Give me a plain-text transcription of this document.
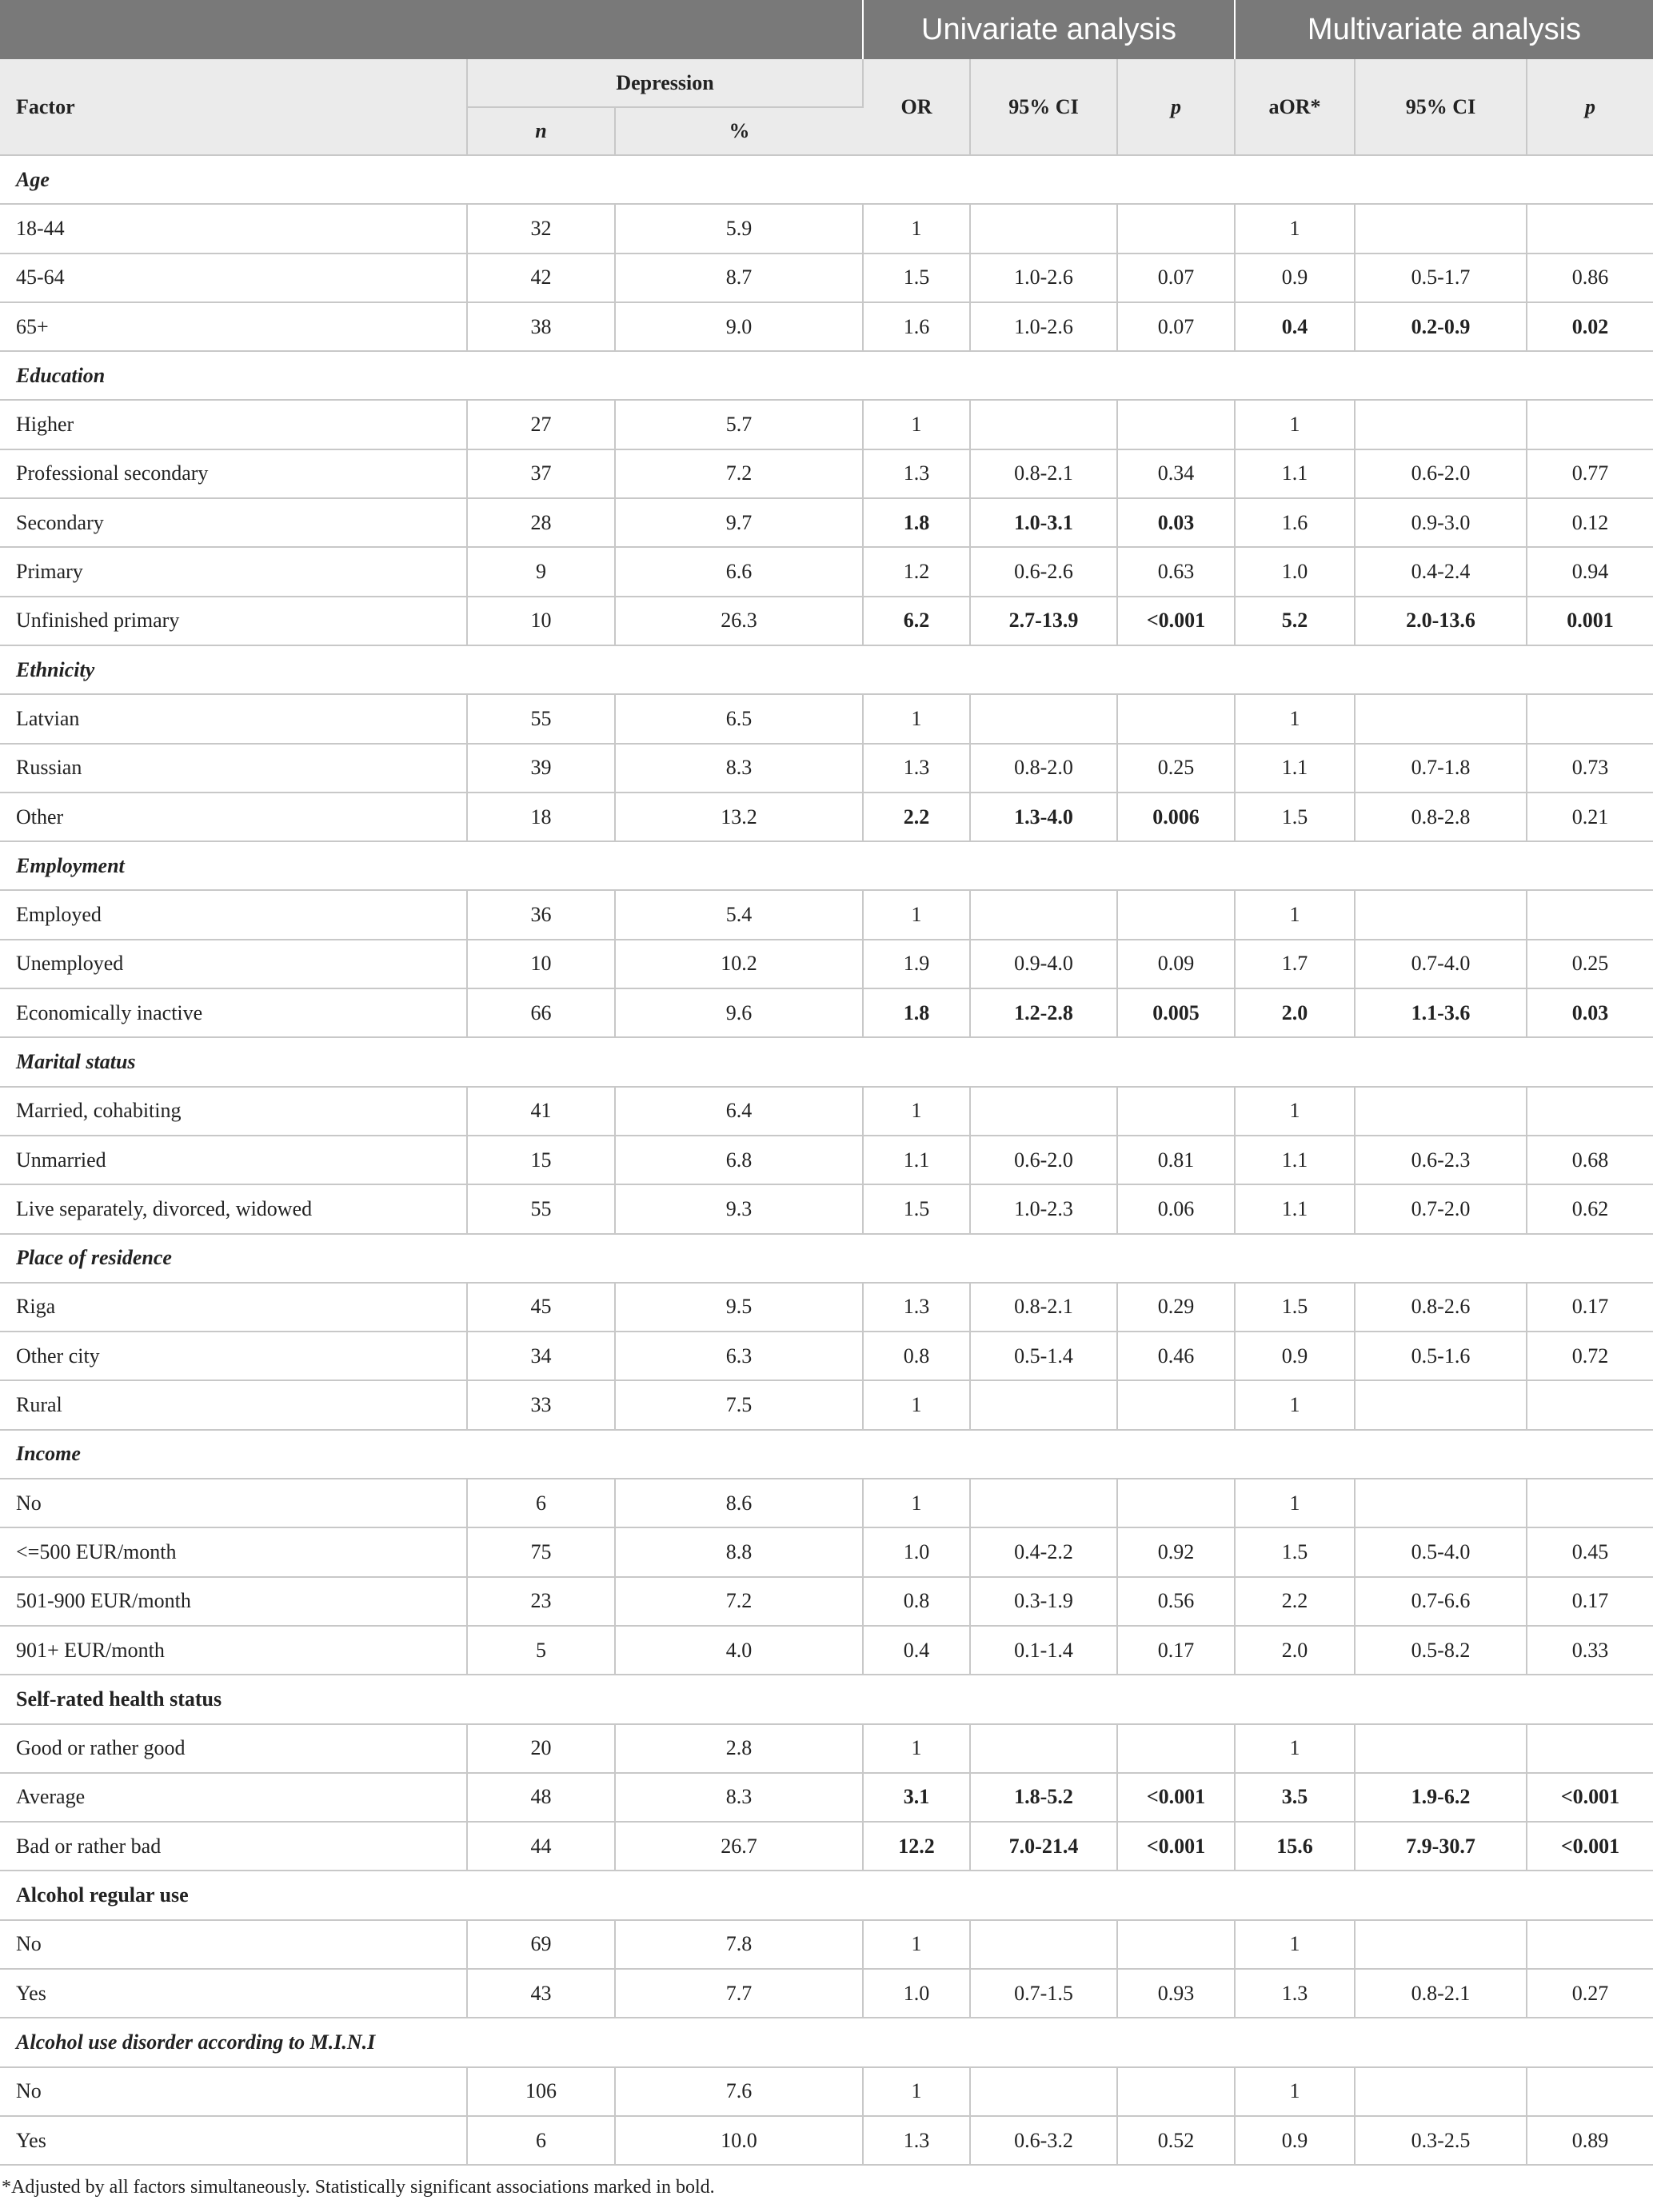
			Univariate analysis			Multivariate analysis		
Factor	Depression		OR	95% CI	p	aOR*	95% CI	p
	n	%						
Age								
18-44	32	5.9	1			1		
45-64	42	8.7	1.5	1.0-2.6	0.07	0.9	0.5-1.7	0.86
65+	38	9.0	1.6	1.0-2.6	0.07	0.4	0.2-0.9	0.02
Education								
Higher	27	5.7	1			1		
Professional secondary	37	7.2	1.3	0.8-2.1	0.34	1.1	0.6-2.0	0.77
Secondary	28	9.7	1.8	1.0-3.1	0.03	1.6	0.9-3.0	0.12
Primary	9	6.6	1.2	0.6-2.6	0.63	1.0	0.4-2.4	0.94
Unfinished primary	10	26.3	6.2	2.7-13.9	<0.001	5.2	2.0-13.6	0.001
Ethnicity								
Latvian	55	6.5	1			1		
Russian	39	8.3	1.3	0.8-2.0	0.25	1.1	0.7-1.8	0.73
Other	18	13.2	2.2	1.3-4.0	0.006	1.5	0.8-2.8	0.21
Employment								
Employed	36	5.4	1			1		
Unemployed	10	10.2	1.9	0.9-4.0	0.09	1.7	0.7-4.0	0.25
Economically inactive	66	9.6	1.8	1.2-2.8	0.005	2.0	1.1-3.6	0.03
Marital status								
Married, cohabiting	41	6.4	1			1		
Unmarried	15	6.8	1.1	0.6-2.0	0.81	1.1	0.6-2.3	0.68
Live separately, divorced, widowed	55	9.3	1.5	1.0-2.3	0.06	1.1	0.7-2.0	0.62
Place of residence								
Riga	45	9.5	1.3	0.8-2.1	0.29	1.5	0.8-2.6	0.17
Other city	34	6.3	0.8	0.5-1.4	0.46	0.9	0.5-1.6	0.72
Rural	33	7.5	1			1		
Income								
No	6	8.6	1			1		
<=500 EUR/month	75	8.8	1.0	0.4-2.2	0.92	1.5	0.5-4.0	0.45
501-900 EUR/month	23	7.2	0.8	0.3-1.9	0.56	2.2	0.7-6.6	0.17
901+ EUR/month	5	4.0	0.4	0.1-1.4	0.17	2.0	0.5-8.2	0.33
Self-rated health status								
Good or rather good	20	2.8	1			1		
Average	48	8.3	3.1	1.8-5.2	<0.001	3.5	1.9-6.2	<0.001
Bad or rather bad	44	26.7	12.2	7.0-21.4	<0.001	15.6	7.9-30.7	<0.001
Alcohol regular use								
No	69	7.8	1			1		
Yes	43	7.7	1.0	0.7-1.5	0.93	1.3	0.8-2.1	0.27
Alcohol use disorder according to M.I.N.I								
No	106	7.6	1			1		
Yes	6	10.0	1.3	0.6-3.2	0.52	0.9	0.3-2.5	0.89
*Adjusted by all factors simultaneously. Statistically significant associations marked in bold.
